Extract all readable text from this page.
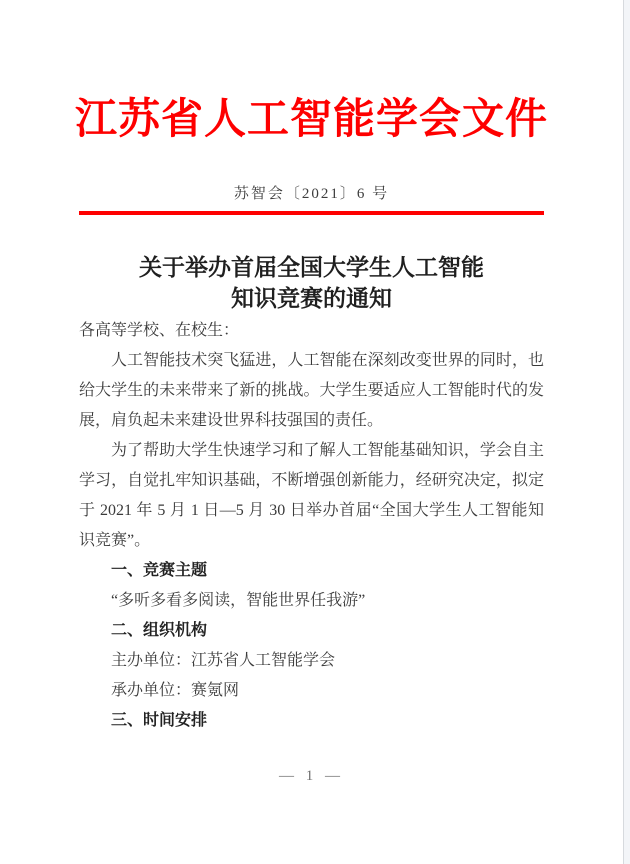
江苏省人工智能学会文件
苏智会〔2021〕6 号
关于举办首届全国大学生人工智能
知识竞赛的通知

各高等学校、在校生：

人工智能技术突飞猛进，人工智能在深刻改变世界的同时，也给大学生的未来带来了新的挑战。大学生要适应人工智能时代的发展，肩负起未来建设世界科技强国的责任。

为了帮助大学生快速学习和了解人工智能基础知识，学会自主学习，自觉扎牢知识基础，不断增强创新能力，经研究决定，拟定于 2021 年 5 月 1 日—5 月 30 日举办首届“全国大学生人工智能知识竞赛”。

一、竞赛主题

“多听多看多阅读，智能世界任我游”

二、组织机构

主办单位：江苏省人工智能学会

承办单位：赛氪网

三、时间安排

— 1 —
